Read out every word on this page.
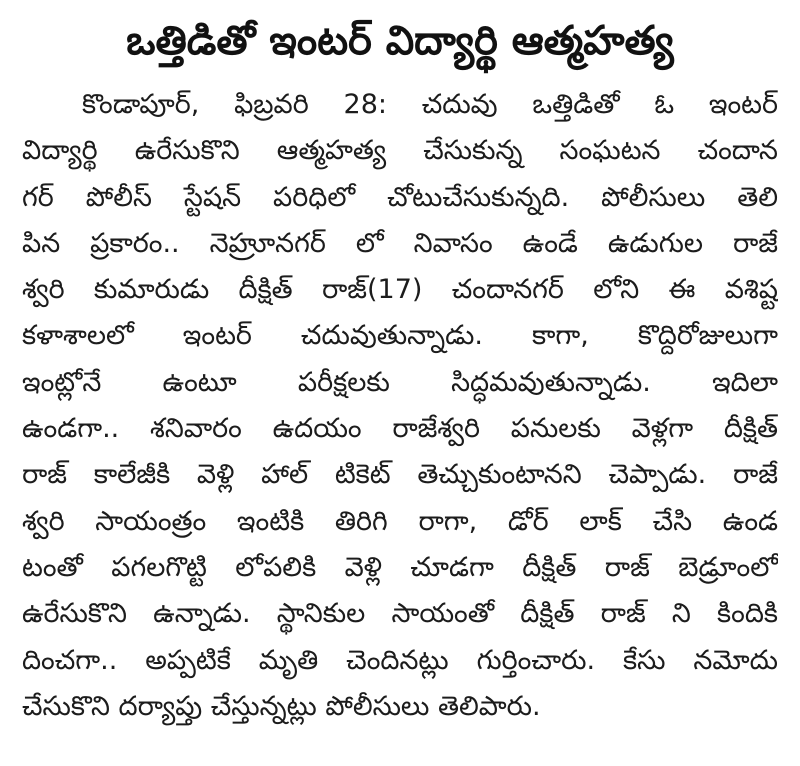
ఒత్తిడితో ఇంటర్ విద్యార్థి ఆత్మహత్య
కొండాపూర్, ఫిబ్రవరి 28: చదువు ఒత్తిడితో ఓ ఇంటర్
విద్యార్థి ఉరేసుకొని ఆత్మహత్య చేసుకున్న సంఘటన చందాన
గర్ పోలీస్ స్టేషన్ పరిధిలో చోటుచేసుకున్నది. పోలీసులు తెలి
పిన ప్రకారం.. నెహ్రూనగర్ లో నివాసం ఉండే ఉడుగుల రాజే
శ్వరి కుమారుడు దీక్షిత్ రాజ్(17) చందానగర్ లోని ఈ వశిష్ట
కళాశాలలో ఇంటర్ చదువుతున్నాడు. కాగా, కొద్దిరోజులుగా
ఇంట్లోనే ఉంటూ పరీక్షలకు సిద్ధమవుతున్నాడు. ఇదిలా
ఉండగా.. శనివారం ఉదయం రాజేశ్వరి పనులకు వెళ్లగా దీక్షిత్
రాజ్ కాలేజీకి వెళ్లి హాల్ టికెట్ తెచ్చుకుంటానని చెప్పాడు. రాజే
శ్వరి సాయంత్రం ఇంటికి తిరిగి రాగా, డోర్ లాక్ చేసి ఉండ
టంతో పగలగొట్టి లోపలికి వెళ్లి చూడగా దీక్షిత్ రాజ్ బెడ్రూంలో
ఉరేసుకొని ఉన్నాడు. స్థానికుల సాయంతో దీక్షిత్ రాజ్ ని కిందికి
దించగా.. అప్పటికే మృతి చెందినట్లు గుర్తించారు. కేసు నమోదు
చేసుకొని దర్యాప్తు చేస్తున్నట్లు పోలీసులు తెలిపారు.
